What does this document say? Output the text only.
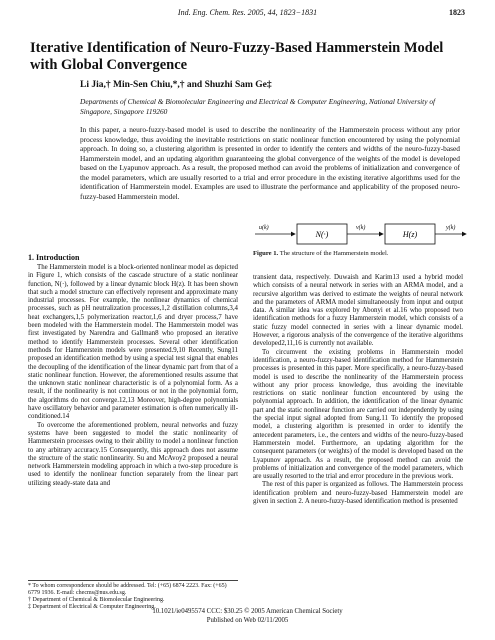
Ind. Eng. Chem. Res. 2005, 44, 1823−1831	1823
Iterative Identification of Neuro-Fuzzy-Based Hammerstein Model with Global Convergence
Li Jia,† Min-Sen Chiu,*,† and Shuzhi Sam Ge‡
Departments of Chemical & Biomolecular Engineering and Electrical & Computer Engineering, National University of Singapore, Singapore 119260
In this paper, a neuro-fuzzy-based model is used to describe the nonlinearity of the Hammerstein process without any prior process knowledge, thus avoiding the inevitable restrictions on static nonlinear function encountered by using the polynomial approach. In doing so, a clustering algorithm is presented in order to identify the centers and widths of the neuro-fuzzy-based Hammerstein model, and an updating algorithm guaranteeing the global convergence of the weights of the model is developed based on the Lyapunov approach. As a result, the proposed method can avoid the problems of initialization and convergence of the model parameters, which are usually resorted to a trial and error procedure in the existing iterative algorithms used for the identification of Hammerstein model. Examples are used to illustrate the performance and applicability of the proposed neuro-fuzzy-based Hammerstein model.
1. Introduction

The Hammerstein model is a block-oriented nonlinear model as depicted in Figure 1, which consists of the cascade structure of a static nonlinear function, N(·), followed by a linear dynamic block H(z). It has been shown that such a model structure can effectively represent and approximate many industrial processes. For example, the nonlinear dynamics of chemical processes, such as pH neutralization processes,1,2 distillation columns,3,4 heat exchangers,1,5 polymerization reactor,1,6 and dryer process,7 have been modeled with the Hammerstein model. The Hammerstein model was first investigated by Narendra and Gallman8 who proposed an iterative method to identify Hammerstein processes. Several other identification methods for Hammerstein models were presented.9,10 Recently, Sung11 proposed an identification method by using a special test signal that enables the decoupling of the identification of the linear dynamic part from that of a static nonlinear function. However, the aforementioned results assume that the unknown static nonlinear characteristic is of a polynomial form. As a result, if the nonlinearity is not continuous or not in the polynomial form, the algorithms do not converge.12,13 Moreover, high-degree polynomials have oscillatory behavior and parameter estimation is often numerically ill-conditioned.14

To overcome the aforementioned problem, neural networks and fuzzy systems have been suggested to model the static nonlinearity of Hammerstein processes owing to their ability to model a nonlinear function to any arbitrary accuracy.15 Consequently, this approach does not assume the structure of the static nonlinearity. Su and McAvoy2 proposed a neural network Hammerstein modeling approach in which a two-step procedure is used to identify the nonlinear function separately from the linear part utilizing steady-state data and

* To whom correspondence should be addressed. Tel: (+65) 6874 2223. Fax: (+65) 6779 1936. E-mail: checms@nus.edu.sg.
† Department of Chemical & Biomolecular Engineering.
‡ Department of Electrical & Computer Engineering.
u(k)
N(·)
v(k)
H(z)
y(k)
Figure 1. The structure of the Hammerstein model.

transient data, respectively. Duwaish and Karim13 used a hybrid model which consists of a neural network in series with an ARMA model, and a recursive algorithm was derived to estimate the weights of neural network and the parameters of ARMA model simultaneously from input and output data. A similar idea was explored by Abonyi et al.16 who proposed two identification methods for a fuzzy Hammerstein model, which consists of a static fuzzy model connected in series with a linear dynamic model. However, a rigorous analysis of the convergence of the iterative algorithms developed2,11,16 is currently not available.

To circumvent the existing problems in Hammerstein model identification, a neuro-fuzzy-based identification method for Hammerstein processes is presented in this paper. More specifically, a neuro-fuzzy-based model is used to describe the nonlinearity of the Hammerstein process without any prior process knowledge, thus avoiding the inevitable restrictions on static nonlinear function encountered by using the polynomial approach. In addition, the identification of the linear dynamic part and the static nonlinear function are carried out independently by using the special input signal adopted from Sung.11 To identify the proposed model, a clustering algorithm is presented in order to identify the antecedent parameters, i.e., the centers and widths of the neuro-fuzzy-based Hammerstein model. Furthermore, an updating algorithm for the consequent parameters (or weights) of the model is developed based on the Lyapunov approach. As a result, the proposed method can avoid the problems of initialization and convergence of the model parameters, which are usually resorted to the trial and error procedure in the previous work.

The rest of this paper is organized as follows. The Hammerstein process identification problem and neuro-fuzzy-based Hammerstein model are given in section 2. A neuro-fuzzy-based identification method is presented

10.1021/ie0495574 CCC: $30.25 © 2005 American Chemical Society
Published on Web 02/11/2005
